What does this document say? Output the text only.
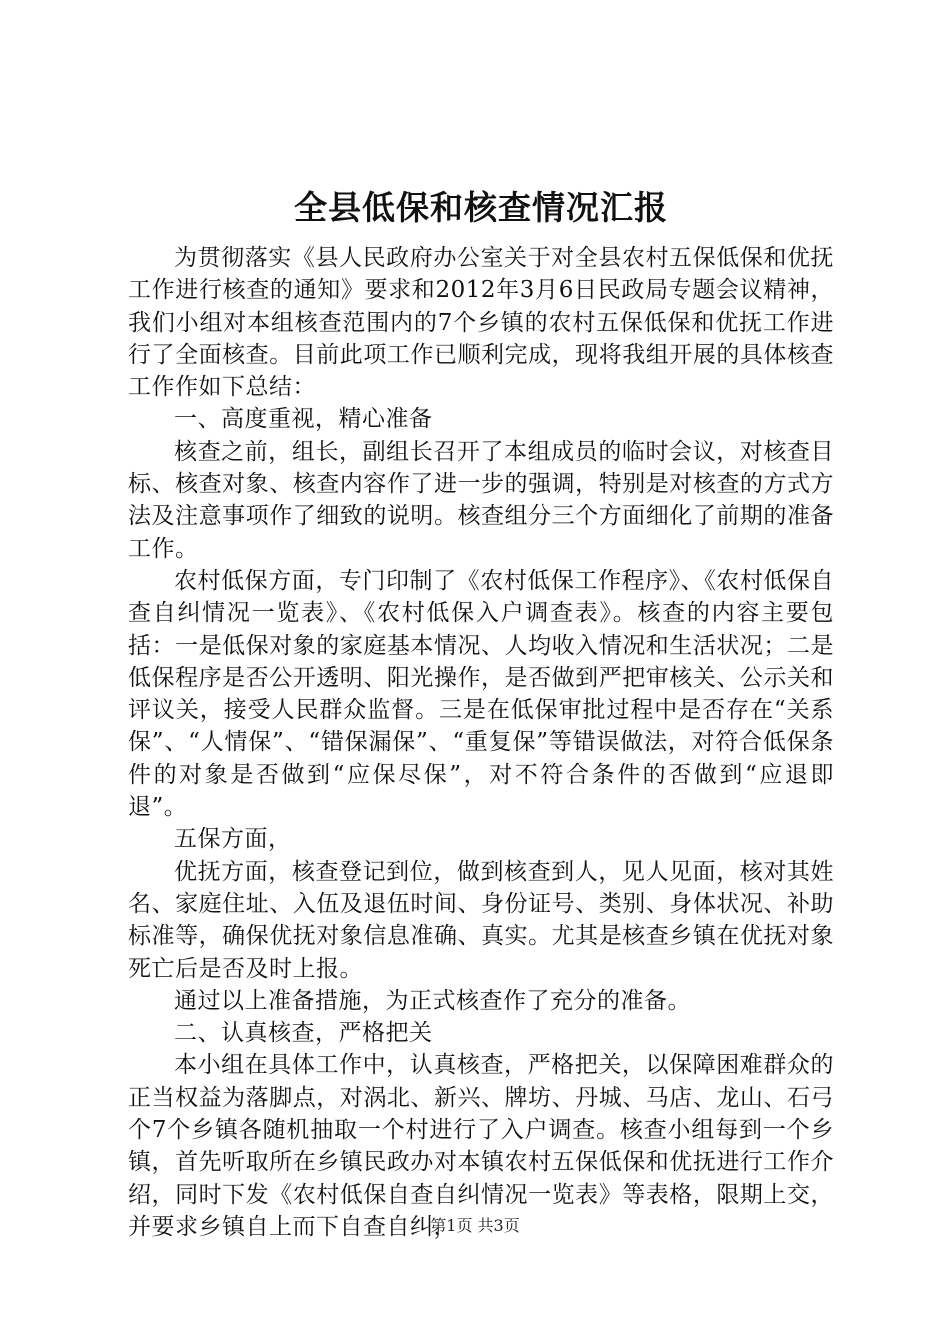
全县低保和核查情况汇报

为贯彻落实《县人民政府办公室关于对全县农村五保低保和优抚工作进行核查的通知》要求和2012年3月6日民政局专题会议精神，我们小组对本组核查范围内的7个乡镇的农村五保低保和优抚工作进行了全面核查。目前此项工作已顺利完成，现将我组开展的具体核查工作作如下总结：

一、高度重视，精心准备

核查之前，组长，副组长召开了本组成员的临时会议，对核查目标、核查对象、核查内容作了进一步的强调，特别是对核查的方式方法及注意事项作了细致的说明。核查组分三个方面细化了前期的准备工作。

农村低保方面，专门印制了《农村低保工作程序》、《农村低保自查自纠情况一览表》、《农村低保入户调查表》。核查的内容主要包括：一是低保对象的家庭基本情况、人均收入情况和生活状况；二是低保程序是否公开透明、阳光操作，是否做到严把审核关、公示关和评议关，接受人民群众监督。三是在低保审批过程中是否存在“关系保”、“人情保”、“错保漏保”、“重复保”等错误做法，对符合低保条件的对象是否做到“应保尽保”，对不符合条件的否做到“应退即退”。

五保方面，

优抚方面，核查登记到位，做到核查到人，见人见面，核对其姓名、家庭住址、入伍及退伍时间、身份证号、类别、身体状况、补助标准等，确保优抚对象信息准确、真实。尤其是核查乡镇在优抚对象死亡后是否及时上报。

通过以上准备措施，为正式核查作了充分的准备。

二、认真核查，严格把关

本小组在具体工作中，认真核查，严格把关，以保障困难群众的正当权益为落脚点，对涡北、新兴、牌坊、丹城、马店、龙山、石弓个7个乡镇各随机抽取一个村进行了入户调查。核查小组每到一个乡镇，首先听取所在乡镇民政办对本镇农村五保低保和优抚进行工作介绍，同时下发《农村低保自查自纠情况一览表》等表格，限期上交，并要求乡镇自上而下自查自纠，

第1页 共3页
